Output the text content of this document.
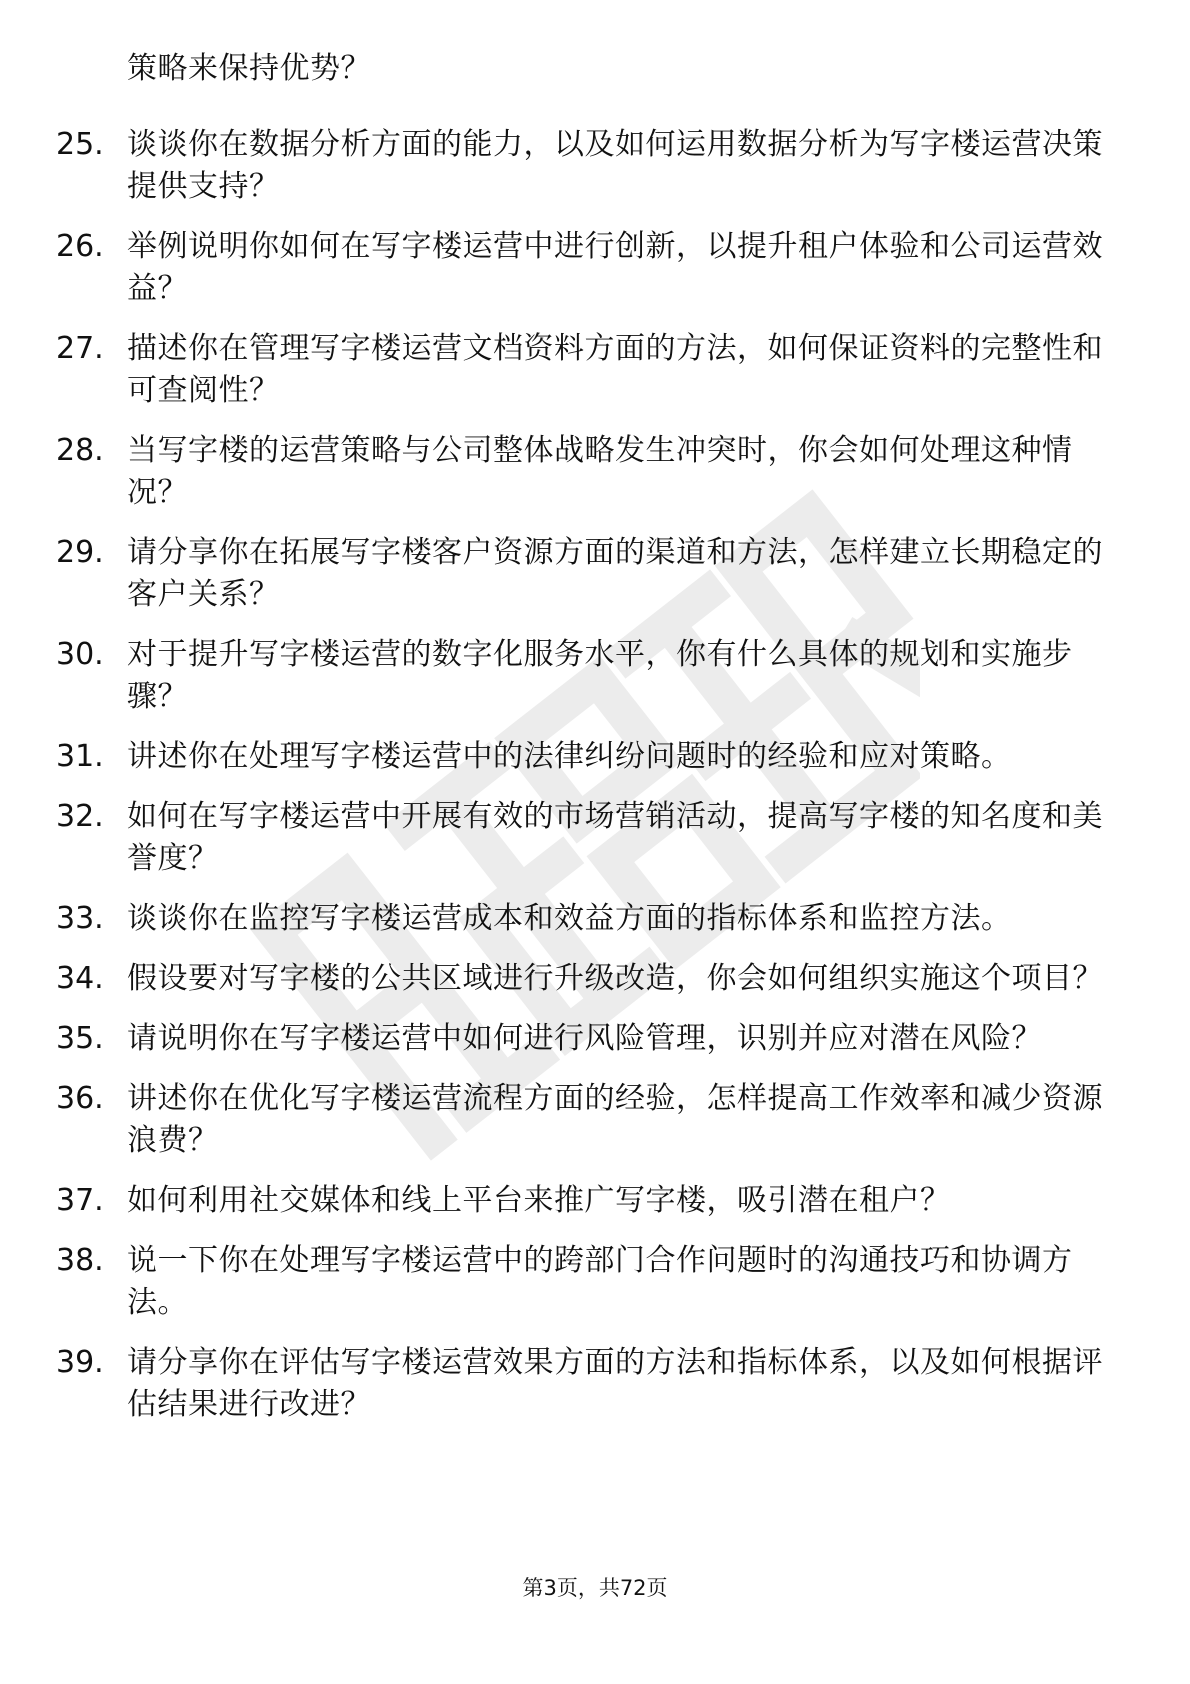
策略来保持优势？
25. 谈谈你在数据分析方面的能力，以及如何运用数据分析为写字楼运营决策提供支持？
26. 举例说明你如何在写字楼运营中进行创新，以提升租户体验和公司运营效益？
27. 描述你在管理写字楼运营文档资料方面的方法，如何保证资料的完整性和可查阅性？
28. 当写字楼的运营策略与公司整体战略发生冲突时，你会如何处理这种情况？
29. 请分享你在拓展写字楼客户资源方面的渠道和方法，怎样建立长期稳定的客户关系？
30. 对于提升写字楼运营的数字化服务水平，你有什么具体的规划和实施步骤？
31. 讲述你在处理写字楼运营中的法律纠纷问题时的经验和应对策略。
32. 如何在写字楼运营中开展有效的市场营销活动，提高写字楼的知名度和美誉度？
33. 谈谈你在监控写字楼运营成本和效益方面的指标体系和监控方法。
34. 假设要对写字楼的公共区域进行升级改造，你会如何组织实施这个项目？
35. 请说明你在写字楼运营中如何进行风险管理，识别并应对潜在风险？
36. 讲述你在优化写字楼运营流程方面的经验，怎样提高工作效率和减少资源浪费？
37. 如何利用社交媒体和线上平台来推广写字楼，吸引潜在租户？
38. 说一下你在处理写字楼运营中的跨部门合作问题时的沟通技巧和协调方法。
39. 请分享你在评估写字楼运营效果方面的方法和指标体系，以及如何根据评估结果进行改进？
第3页，共72页
